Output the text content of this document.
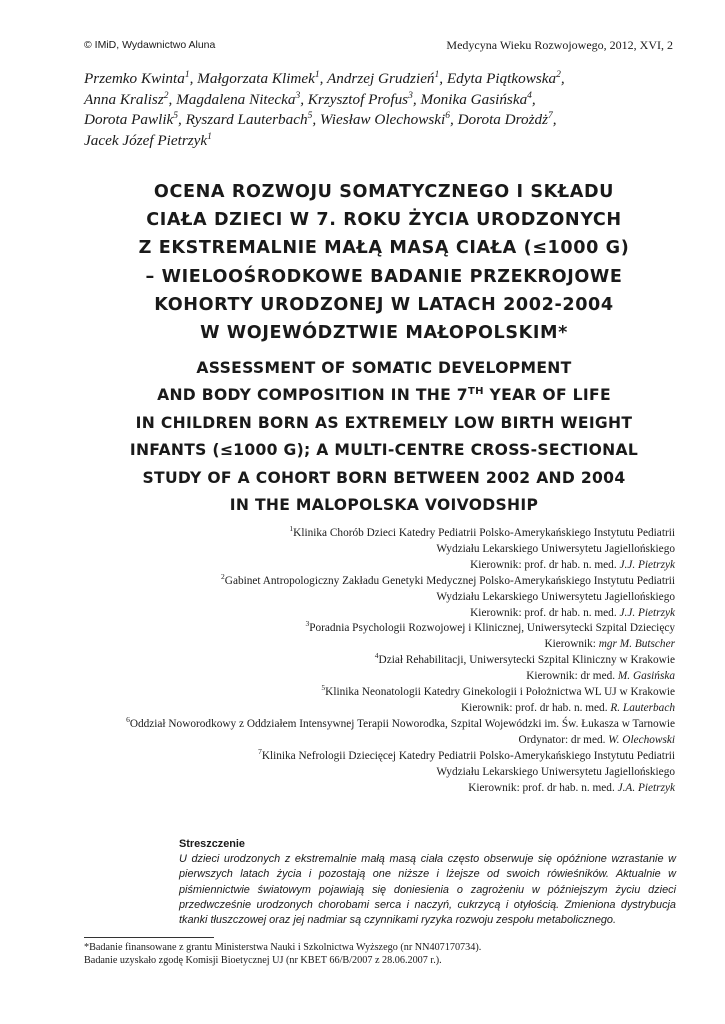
© IMiD, Wydawnictwo Aluna	Medycyna Wieku Rozwojowego, 2012, XVI, 2
Przemko Kwinta$^1$, Małgorzata Klimek$^1$, Andrzej Grudzień$^1$, Edyta Piątkowska$^2$,
Anna Kralisz$^2$, Magdalena Nitecka$^3$, Krzysztof Profus$^3$, Monika Gasińska$^4$,
Dorota Pawlik$^5$, Ryszard Lauterbach$^5$, Wiesław Olechowski$^6$, Dorota Drożdż$^7$,
Jacek Józef Pietrzyk$^1$
OCENA ROZWOJU SOMATYCZNEGO I SKŁADU
CIAŁA DZIECI W 7. ROKU ŻYCIA URODZONYCH
Z EKSTREMALNIE MAŁĄ MASĄ CIAŁA (≤1000 G)
– WIELOOŚRODKOWE BADANIE PRZEKROJOWE
KOHORTY URODZONEJ W LATACH 2002-2004
W WOJEWÓDZTWIE MAŁOPOLSKIM*
ASSESSMENT OF SOMATIC DEVELOPMENT
AND BODY COMPOSITION IN THE 7TH YEAR OF LIFE
IN CHILDREN BORN AS EXTREMELY LOW BIRTH WEIGHT
INFANTS (≤1000 G); A MULTI-CENTRE CROSS-SECTIONAL
STUDY OF A COHORT BORN BETWEEN 2002 AND 2004
IN THE MALOPOLSKA VOIVODSHIP
$^1$Klinika Chorób Dzieci Katedry Pediatrii Polsko-Amerykańskiego Instytutu Pediatrii
Wydziału Lekarskiego Uniwersytetu Jagiellońskiego
Kierownik: prof. dr hab. n. med. J.J. Pietrzyk
$^2$Gabinet Antropologiczny Zakładu Genetyki Medycznej Polsko-Amerykańskiego Instytutu Pediatrii
Wydziału Lekarskiego Uniwersytetu Jagiellońskiego
Kierownik: prof. dr hab. n. med. J.J. Pietrzyk
$^3$Poradnia Psychologii Rozwojowej i Klinicznej, Uniwersytecki Szpital Dziecięcy
Kierownik: mgr M. Butscher
$^4$Dział Rehabilitacji, Uniwersytecki Szpital Kliniczny w Krakowie
Kierownik: dr med. M. Gasińska
$^5$Klinika Neonatologii Katedry Ginekologii i Położnictwa WL UJ w Krakowie
Kierownik: prof. dr hab. n. med. R. Lauterbach
$^6$Oddział Noworodkowy z Oddziałem Intensywnej Terapii Noworodka, Szpital Wojewódzki im. Św. Łukasza w Tarnowie
Ordynator: dr med. W. Olechowski
$^7$Klinika Nefrologii Dziecięcej Katedry Pediatrii Polsko-Amerykańskiego Instytutu Pediatrii
Wydziału Lekarskiego Uniwersytetu Jagiellońskiego
Kierownik: prof. dr hab. n. med. J.A. Pietrzyk
Streszczenie
U dzieci urodzonych z ekstremalnie małą masą ciała często obserwuje się opóźnione wzrastanie w pierwszych latach życia i pozostają one niższe i lżejsze od swoich rówieśników. Aktualnie w piśmiennictwie światowym pojawiają się doniesienia o zagrożeniu w późniejszym życiu dzieci przedwcześnie urodzonych chorobami serca i naczyń, cukrzycą i otyłością. Zmieniona dystrybucja tkanki tłuszczowej oraz jej nadmiar są czynnikami ryzyka rozwoju zespołu metabolicznego.
*Badanie finansowane z grantu Ministerstwa Nauki i Szkolnictwa Wyższego (nr NN407170734).
Badanie uzyskało zgodę Komisji Bioetycznej UJ (nr KBET 66/B/2007 z 28.06.2007 r.).
